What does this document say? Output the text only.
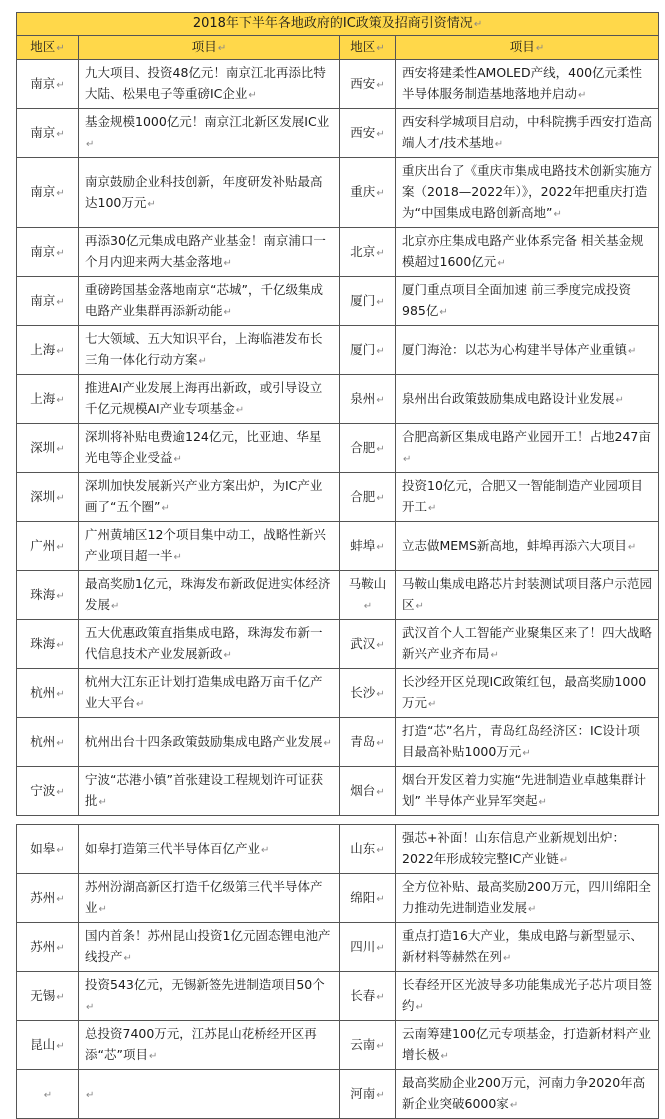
2018年下半年各地政府的IC政策及招商引资情况↵			
地区↵	项目↵	地区↵	项目↵
南京↵	九大项目、投资48亿元！南京江北再添比特大陆、松果电子等重磅IC企业↵	西安↵	西安将建柔性AMOLED产线，400亿元柔性半导体服务制造基地落地并启动↵
南京↵	基金规模1000亿元！南京江北新区发展IC业↵	西安↵	西安科学城项目启动，中科院携手西安打造高端人才/技术基地↵
南京↵	南京鼓励企业科技创新，年度研发补贴最高达100万元↵	重庆↵	重庆出台了《重庆市集成电路技术创新实施方案（2018—2022年）》，2022年把重庆打造为“中国集成电路创新高地”↵
南京↵	再添30亿元集成电路产业基金！南京浦口一个月内迎来两大基金落地↵	北京↵	北京亦庄集成电路产业体系完备 相关基金规模超过1600亿元↵
南京↵	重磅跨国基金落地南京“芯城”，千亿级集成电路产业集群再添新动能↵	厦门↵	厦门重点项目全面加速 前三季度完成投资985亿↵
上海↵	七大领域、五大知识平台，上海临港发布长三角一体化行动方案↵	厦门↵	厦门海沧：以芯为心构建半导体产业重镇↵
上海↵	推进AI产业发展上海再出新政，或引导设立千亿元规模AI产业专项基金↵	泉州↵	泉州出台政策鼓励集成电路设计业发展↵
深圳↵	深圳将补贴电费逾124亿元，比亚迪、华星光电等企业受益↵	合肥↵	合肥高新区集成电路产业园开工！占地247亩↵
深圳↵	深圳加快发展新兴产业方案出炉，为IC产业画了“五个圈”↵	合肥↵	投资10亿元，合肥又一智能制造产业园项目开工↵
广州↵	广州黄埔区12个项目集中动工，战略性新兴产业项目超一半↵	蚌埠↵	立志做MEMS新高地，蚌埠再添六大项目↵
珠海↵	最高奖励1亿元，珠海发布新政促进实体经济发展↵	马鞍山↵	马鞍山集成电路芯片封装测试项目落户示范园区↵
珠海↵	五大优惠政策直指集成电路，珠海发布新一代信息技术产业发展新政↵	武汉↵	武汉首个人工智能产业聚集区来了！四大战略新兴产业齐布局↵
杭州↵	杭州大江东正计划打造集成电路万亩千亿产业大平台↵	长沙↵	长沙经开区兑现IC政策红包，最高奖励1000万元↵
杭州↵	杭州出台十四条政策鼓励集成电路产业发展↵	青岛↵	打造“芯”名片，青岛红岛经济区：IC设计项目最高补贴1000万元↵
宁波↵	宁波“芯港小镇”首张建设工程规划许可证获批↵	烟台↵	烟台开发区着力实施“先进制造业卓越集群计划” 半导体产业异军突起↵

如皋↵	如皋打造第三代半导体百亿产业↵	山东↵	强芯+补面！山东信息产业新规划出炉：2022年形成较完整IC产业链↵
苏州↵	苏州汾湖高新区打造千亿级第三代半导体产业↵	绵阳↵	全方位补贴、最高奖励200万元，四川绵阳全力推动先进制造业发展↵
苏州↵	国内首条！苏州昆山投资1亿元固态锂电池产线投产↵	四川↵	重点打造16大产业，集成电路与新型显示、新材料等赫然在列↵
无锡↵	投资543亿元，无锡新签先进制造项目50个↵	长春↵	长春经开区光波导多功能集成光子芯片项目签约↵
昆山↵	总投资7400万元，江苏昆山花桥经开区再添“芯”项目↵	云南↵	云南筹建100亿元专项基金，打造新材料产业增长极↵
↵	↵	河南↵	最高奖励企业200万元，河南力争2020年高新企业突破6000家↵
